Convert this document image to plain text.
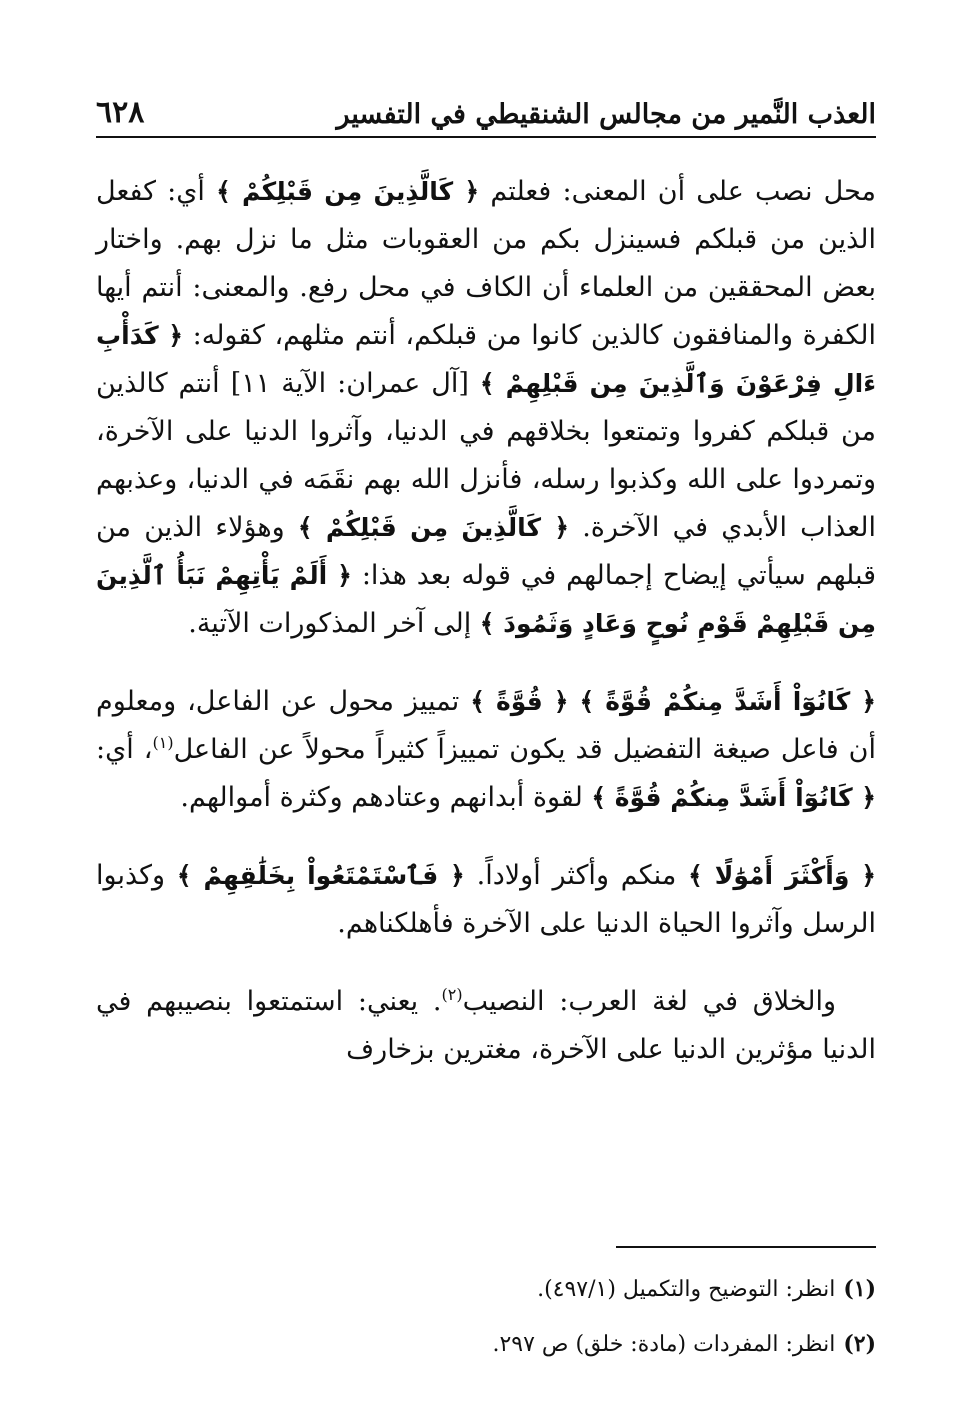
العذب النَّمير من مجالس الشنقيطي في التفسير
٦٢٨

محل نصب على أن المعنى: فعلتم ﴿ كَالَّذِينَ مِن قَبْلِكُمْ ﴾ أي: كفعل الذين من قبلكم فسينزل بكم من العقوبات مثل ما نزل بهم. واختار بعض المحققين من العلماء أن الكاف في محل رفع. والمعنى: أنتم أيها الكفرة والمنافقون كالذين كانوا من قبلكم، أنتم مثلهم، كقوله: ﴿ كَدَأْبِ ءَالِ فِرْعَوْنَ وَٱلَّذِينَ مِن قَبْلِهِمْ ﴾ [آل عمران: الآية ١١] أنتم كالذين من قبلكم كفروا وتمتعوا بخلاقهم في الدنيا، وآثروا الدنيا على الآخرة، وتمردوا على الله وكذبوا رسله، فأنزل الله بهم نقَمَه في الدنيا، وعذبهم العذاب الأبدي في الآخرة. ﴿ كَالَّذِينَ مِن قَبْلِكُمْ ﴾ وهؤلاء الذين من قبلهم سيأتي إيضاح إجمالهم في قوله بعد هذا: ﴿ أَلَمْ يَأْتِهِمْ نَبَأُ ٱلَّذِينَ مِن قَبْلِهِمْ قَوْمِ نُوحٍ وَعَادٍ وَثَمُودَ ﴾ إلى آخر المذكورات الآتية.

﴿ كَانُوٓاْ أَشَدَّ مِنكُمْ قُوَّةً ﴾ ﴿ قُوَّةً ﴾ تمييز محول عن الفاعل، ومعلوم أن فاعل صيغة التفضيل قد يكون تمييزاً كثيراً محولاً عن الفاعل$^{(١)}$، أي: ﴿ كَانُوٓاْ أَشَدَّ مِنكُمْ قُوَّةً ﴾ لقوة أبدانهم وعتادهم وكثرة أموالهم.

﴿ وَأَكْثَرَ أَمْوَٰلًا ﴾ منكم وأكثر أولاداً. ﴿ فَٱسْتَمْتَعُواْ بِخَلَٰقِهِمْ ﴾ وكذبوا الرسل وآثروا الحياة الدنيا على الآخرة فأهلكناهم.

والخلاق في لغة العرب: النصيب$^{(٢)}$. يعني: استمتعوا بنصيبهم في الدنيا مؤثرين الدنيا على الآخرة، مغترين بزخارف

(١)انظر: التوضيح والتكميل (٤٩٧/١).

(٢)انظر: المفردات (مادة: خلق) ص ٢٩٧.
